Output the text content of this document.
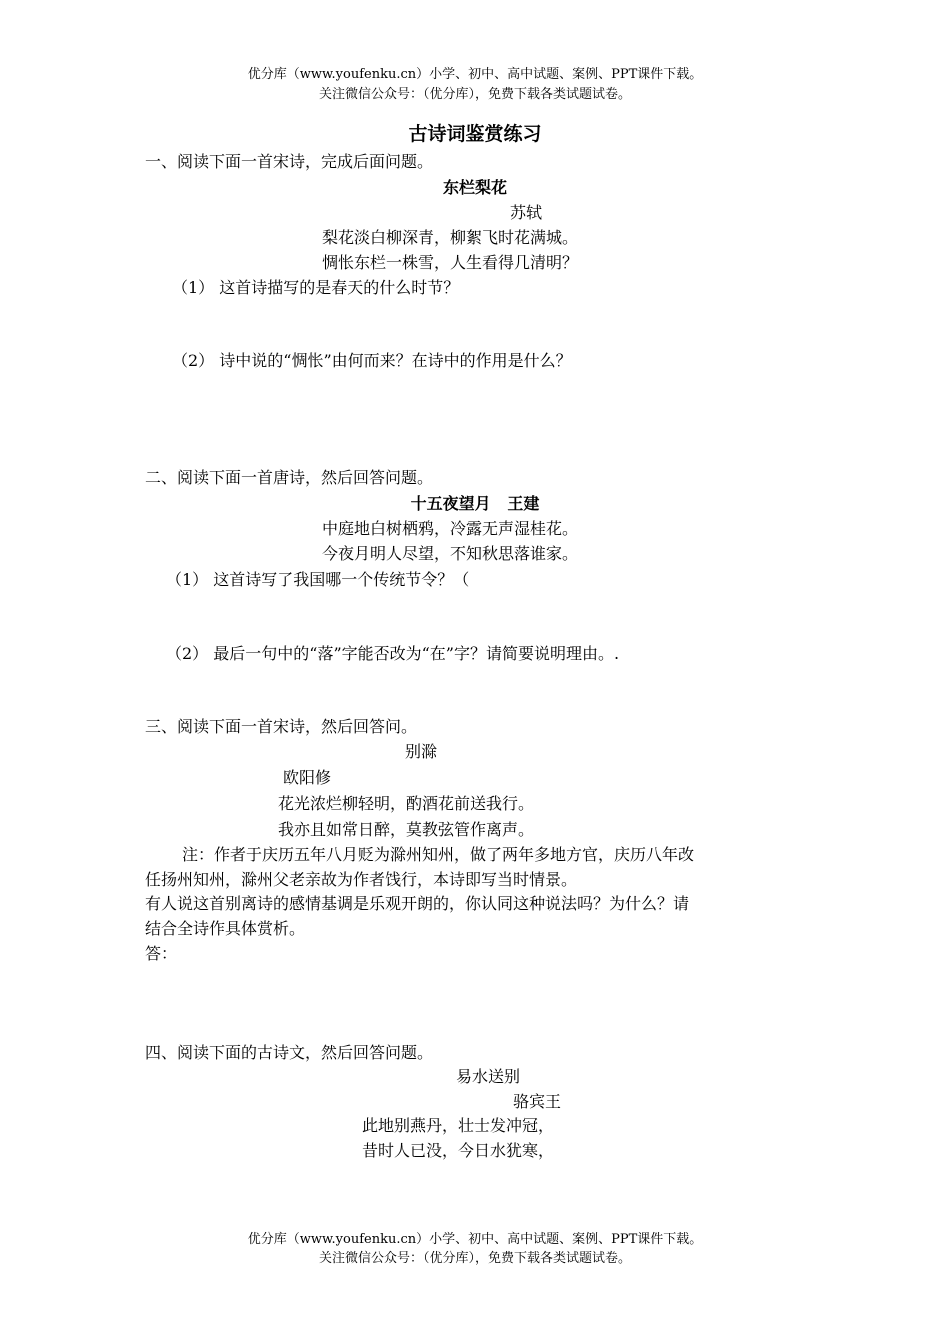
优分库（www.youfenku.cn）小学、初中、高中试题、案例、PPT课件下载。
关注微信公众号：（优分库），免费下载各类试题试卷。
古诗词鉴赏练习
一、阅读下面一首宋诗，完成后面问题。
东栏梨花
苏轼
梨花淡白柳深青，柳絮飞时花满城。
惆怅东栏一株雪，人生看得几清明？
（1） 这首诗描写的是春天的什么时节？
（2） 诗中说的“惆怅”由何而来？在诗中的作用是什么？
二、阅读下面一首唐诗，然后回答问题。
十五夜望月   王建
中庭地白树栖鸦，冷露无声湿桂花。
今夜月明人尽望，不知秋思落谁家。
（1） 这首诗写了我国哪一个传统节令？（
（2） 最后一句中的“落”字能否改为“在”字？请简要说明理由。.
三、阅读下面一首宋诗，然后回答问。
别滁
欧阳修
花光浓烂柳轻明，酌酒花前送我行。
我亦且如常日醉，莫教弦管作离声。
注：作者于庆历五年八月贬为滁州知州，做了两年多地方官，庆历八年改
任扬州知州，滁州父老亲故为作者饯行，本诗即写当时情景。
有人说这首别离诗的感情基调是乐观开朗的，你认同这种说法吗？为什么？请
结合全诗作具体赏析。
答：
四、阅读下面的古诗文，然后回答问题。
易水送别
骆宾王
此地别燕丹，壮士发冲冠，
昔时人已没，今日水犹寒，
优分库（www.youfenku.cn）小学、初中、高中试题、案例、PPT课件下载。
关注微信公众号：（优分库），免费下载各类试题试卷。
